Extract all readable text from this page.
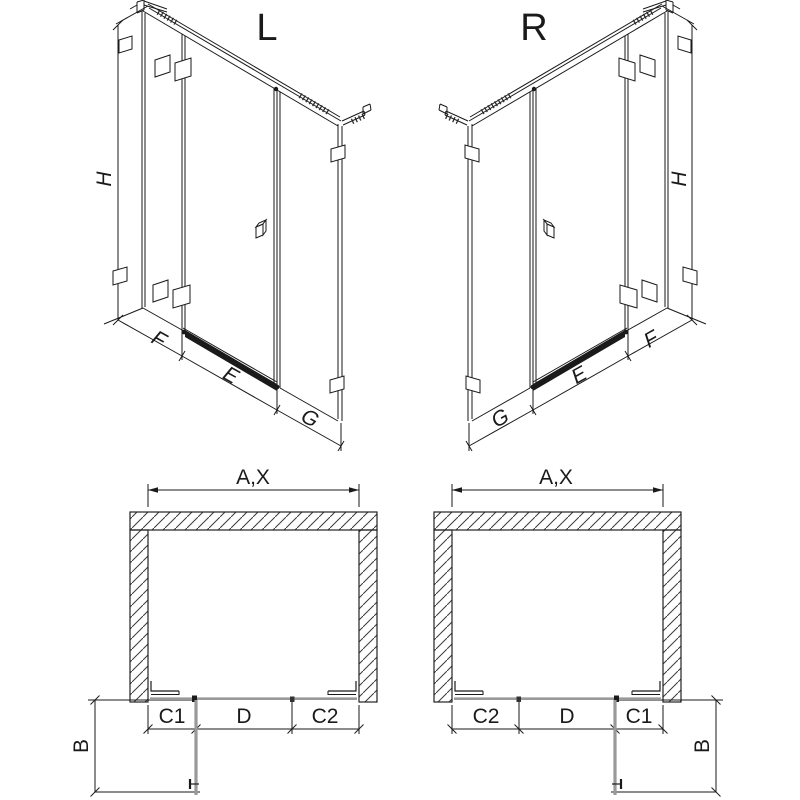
L
H
F
E
G
R
H
G
E
F
A,X
C1 D	C2
B
A,X
C2	D C1
B
